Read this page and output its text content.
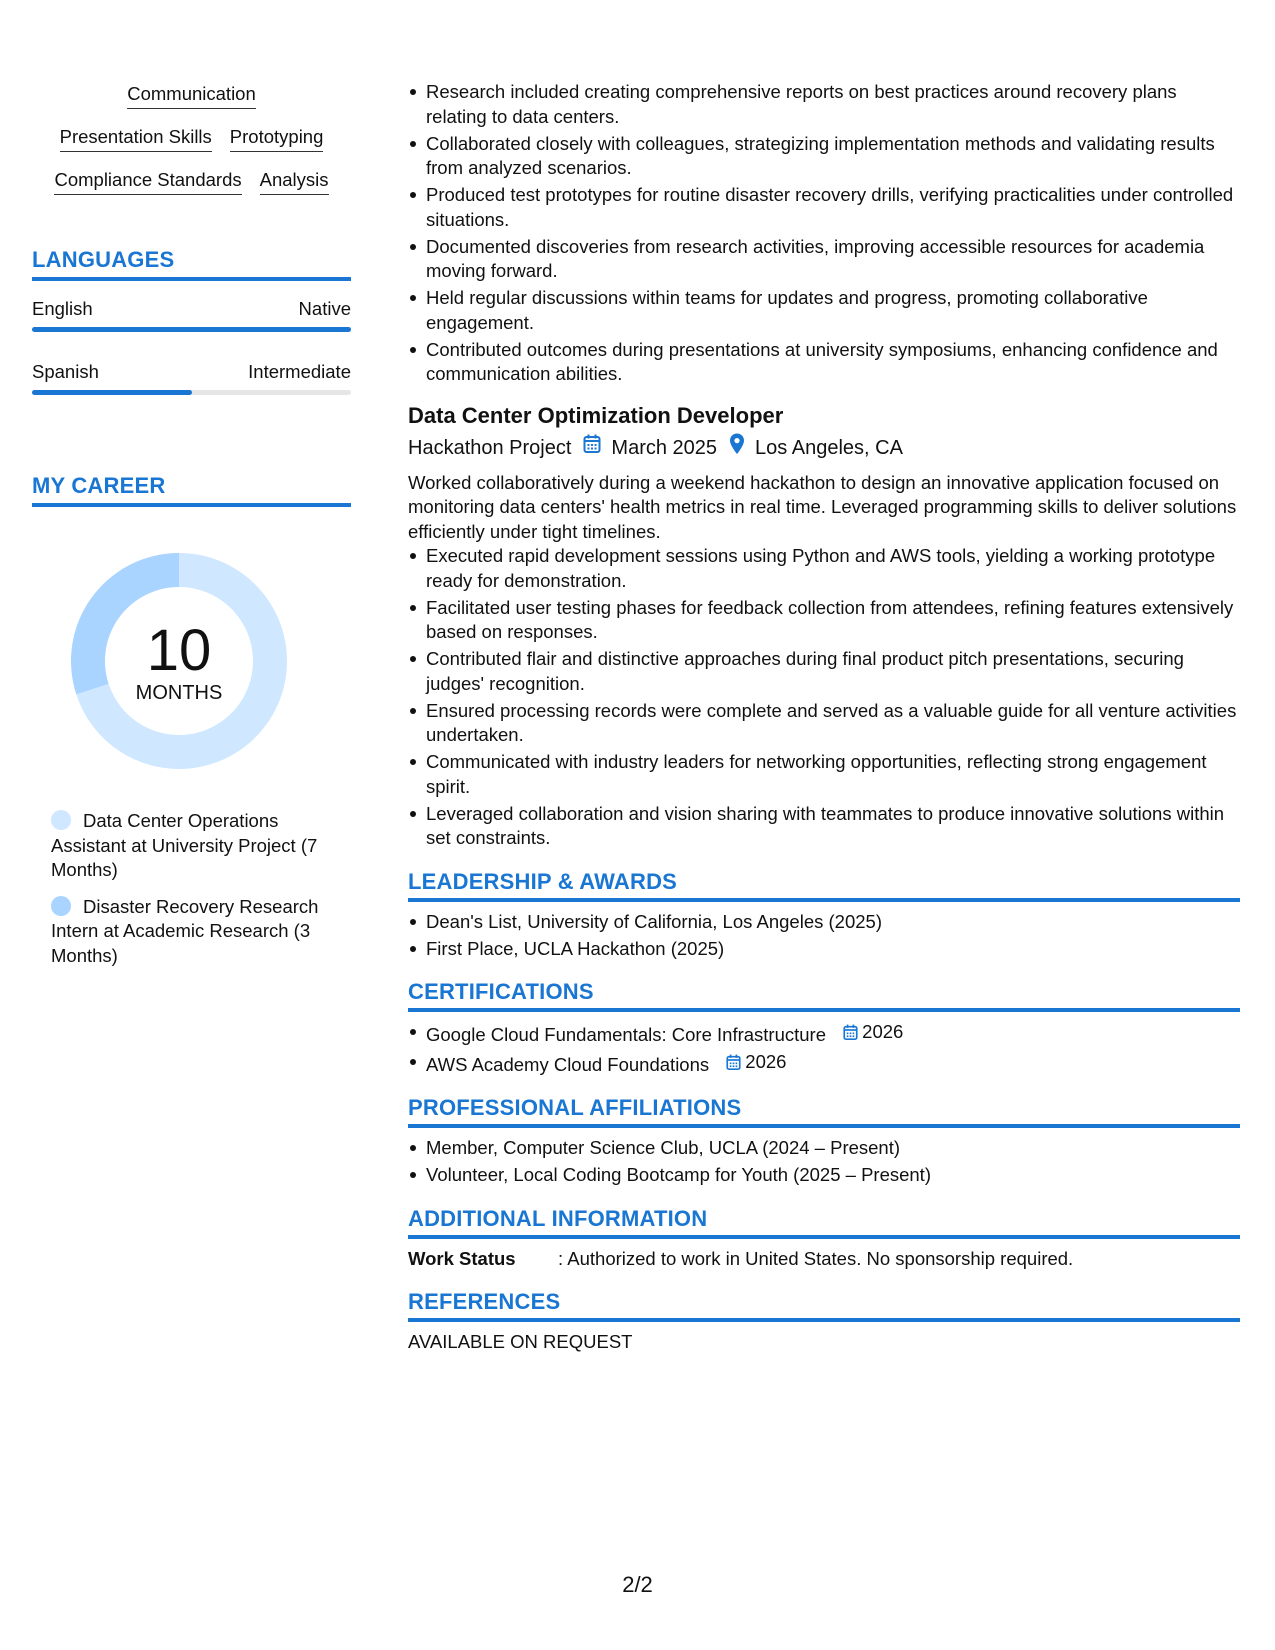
Communication
Presentation Skills Prototyping
Compliance Standards Analysis
LANGUAGES
English	Native
Spanish	Intermediate
MY CAREER
10
MONTHS
Data Center Operations Assistant at University Project (7 Months)
Disaster Recovery Research Intern at Academic Research (3 Months)
Research included creating comprehensive reports on best practices around recovery plans relating to data centers.
Collaborated closely with colleagues, strategizing implementation methods and validating results from analyzed scenarios.
Produced test prototypes for routine disaster recovery drills, verifying practicalities under controlled situations.
Documented discoveries from research activities, improving accessible resources for academia moving forward.
Held regular discussions within teams for updates and progress, promoting collaborative engagement.
Contributed outcomes during presentations at university symposiums, enhancing confidence and communication abilities.
Data Center Optimization Developer
Hackathon Project March 2025 Los Angeles, CA
Worked collaboratively during a weekend hackathon to design an innovative application focused on monitoring data centers' health metrics in real time. Leveraged programming skills to deliver solutions efficiently under tight timelines.
Executed rapid development sessions using Python and AWS tools, yielding a working prototype ready for demonstration.
Facilitated user testing phases for feedback collection from attendees, refining features extensively based on responses.
Contributed flair and distinctive approaches during final product pitch presentations, securing judges' recognition.
Ensured processing records were complete and served as a valuable guide for all venture activities undertaken.
Communicated with industry leaders for networking opportunities, reflecting strong engagement spirit.
Leveraged collaboration and vision sharing with teammates to produce innovative solutions within set constraints.
LEADERSHIP & AWARDS
Dean's List, University of California, Los Angeles (2025)
First Place, UCLA Hackathon (2025)
CERTIFICATIONS
Google Cloud Fundamentals: Core Infrastructure 2026
AWS Academy Cloud Foundations 2026
PROFESSIONAL AFFILIATIONS
Member, Computer Science Club, UCLA (2024 – Present)
Volunteer, Local Coding Bootcamp for Youth (2025 – Present)
ADDITIONAL INFORMATION
Work Status	: Authorized to work in United States. No sponsorship required.
REFERENCES
AVAILABLE ON REQUEST
2/2
